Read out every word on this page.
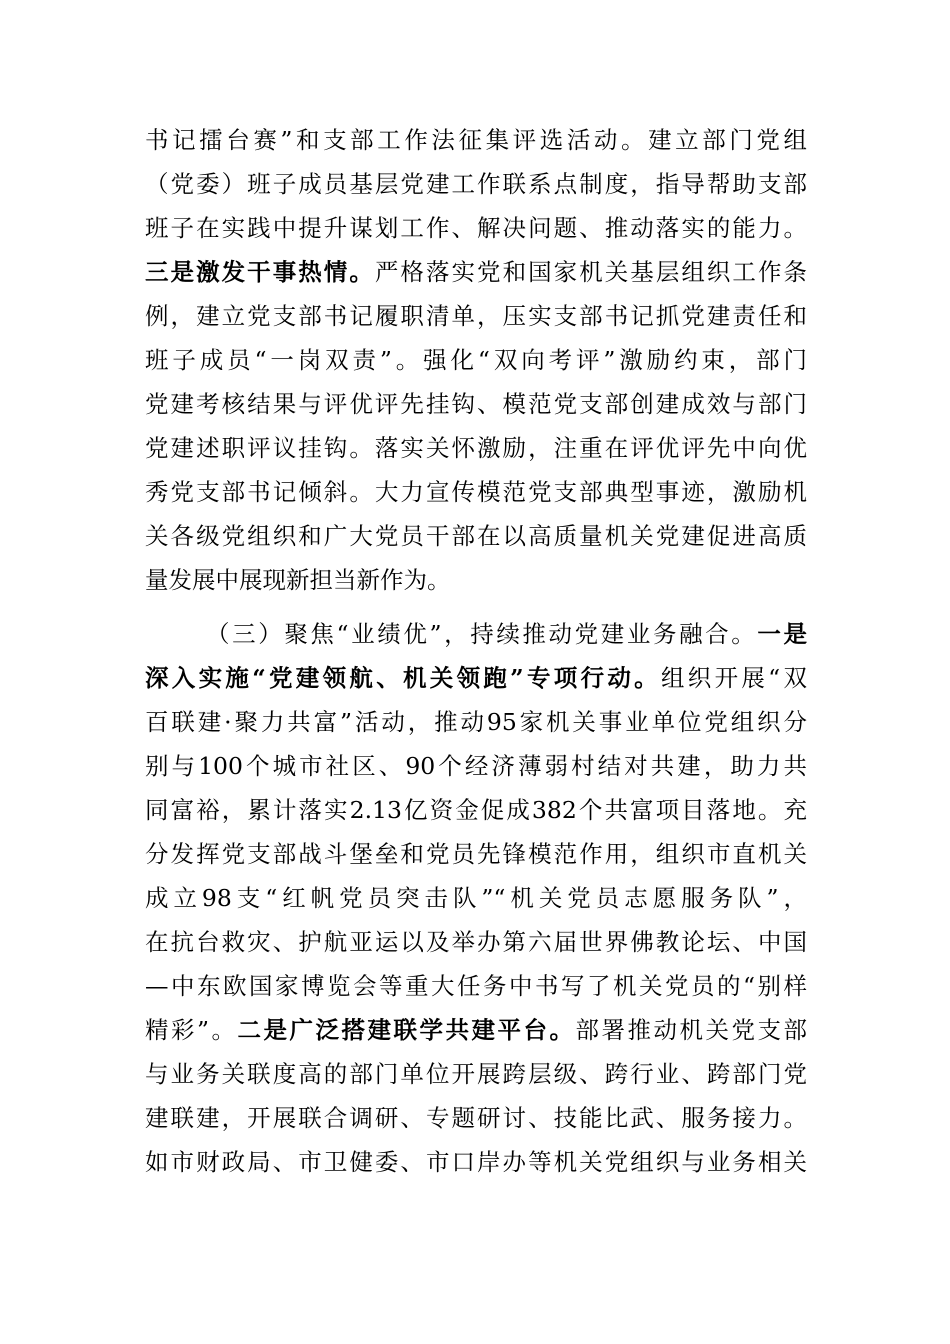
书记擂台赛”和支部工作法征集评选活动。建立部门党组
（党委）班子成员基层党建工作联系点制度，指导帮助支部
班子在实践中提升谋划工作、解决问题、推动落实的能力。
三是激发干事热情。严格落实党和国家机关基层组织工作条
例，建立党支部书记履职清单，压实支部书记抓党建责任和
班子成员“一岗双责”。强化“双向考评”激励约束，部门
党建考核结果与评优评先挂钩、模范党支部创建成效与部门
党建述职评议挂钩。落实关怀激励，注重在评优评先中向优
秀党支部书记倾斜。大力宣传模范党支部典型事迹，激励机
关各级党组织和广大党员干部在以高质量机关党建促进高质
量发展中展现新担当新作为。
（三）聚焦“业绩优”，持续推动党建业务融合。一是
深入实施“党建领航、机关领跑”专项行动。组织开展“双
百联建·聚力共富”活动，推动95家机关事业单位党组织分
别与100个城市社区、90个经济薄弱村结对共建，助力共
同富裕，累计落实2.13亿资金促成382个共富项目落地。充
分发挥党支部战斗堡垒和党员先锋模范作用，组织市直机关
成立98支“红帆党员突击队”“机关党员志愿服务队”，
在抗台救灾、护航亚运以及举办第六届世界佛教论坛、中国
—中东欧国家博览会等重大任务中书写了机关党员的“别样
精彩”。二是广泛搭建联学共建平台。部署推动机关党支部
与业务关联度高的部门单位开展跨层级、跨行业、跨部门党
建联建，开展联合调研、专题研讨、技能比武、服务接力。
如市财政局、市卫健委、市口岸办等机关党组织与业务相关
